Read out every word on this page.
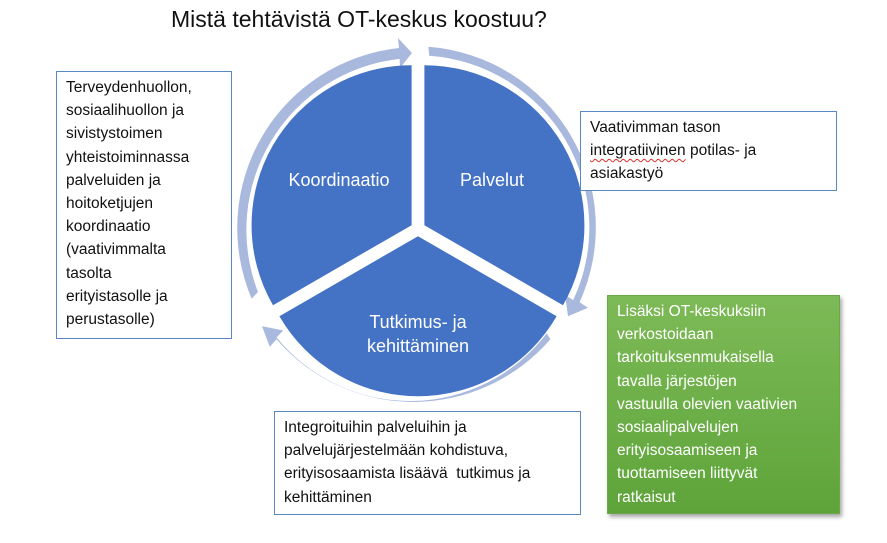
Mistä tehtävistä OT-keskus koostuu?
Koordinaatio	Palvelut
Tutkimus- ja
kehittäminen
Terveydenhuollon,
sosiaalihuollon ja
sivistystoimen
yhteistoiminnassa
palveluiden ja
hoitoketjujen
koordinaatio
(vaativimmalta
tasolta
erityistasolle ja
perustasolle)
Vaativimman tason
integratiivinen potilas- ja
asiakastyö
Integroituihin palveluihin ja
palvelujärjestelmään kohdistuva,
erityisosaamista lisäävä  tutkimus ja
kehittäminen
Lisäksi OT-keskuksiin
verkostoidaan
tarkoituksenmukaisella
tavalla järjestöjen
vastuulla olevien vaativien
sosiaalipalvelujen
erityisosaamiseen ja
tuottamiseen liittyvät
ratkaisut
